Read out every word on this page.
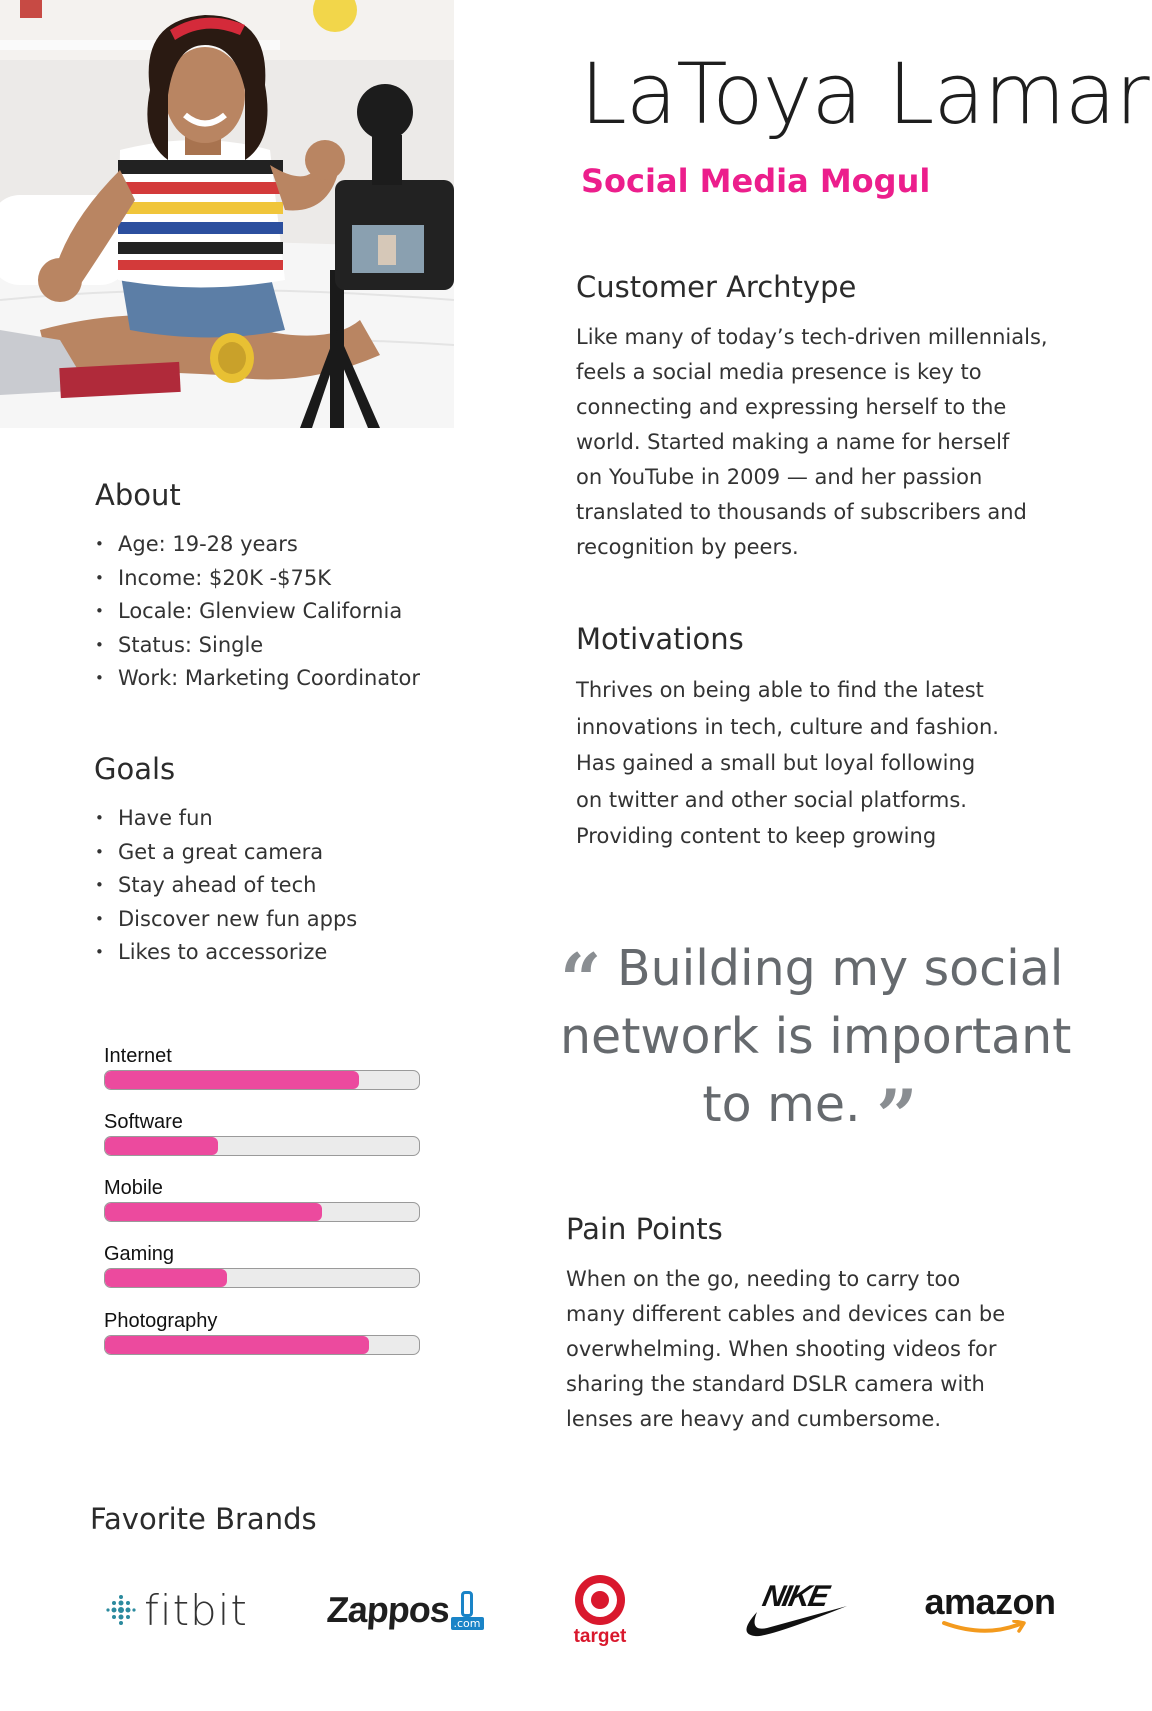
LaToya Lamar
Social Media Mogul
Customer Archtype
Like many of today’s tech-driven millennials,
feels a social media presence is key to
connecting and expressing herself to the
world. Started making a name for herself
on YouTube in 2009 — and her passion
translated to thousands of subscribers and
recognition by peers.
Motivations
Thrives on being able to find the latest
innovations in tech, culture and fashion.
Has gained a small but loyal following
on twitter and other social platforms.
Providing content to keep growing
About
• Age: 19-28 years
• Income: $20K -$75K
• Locale: Glenview California
• Status: Single
• Work: Marketing Coordinator
Goals
• Have fun
• Get a great camera
• Stay ahead of tech
• Discover new fun apps
• Likes to accessorize
Internet
Software
Mobile
Gaming
Photography
“ Building my social
network is important
to me. ”
Pain Points
When on the go, needing to carry too
many different cables and devices can be
overwhelming. When shooting videos for
sharing the standard DSLR camera with
lenses are heavy and cumbersome.
Favorite Brands
fitbit Zappos .com
target
NIKE	amazon
